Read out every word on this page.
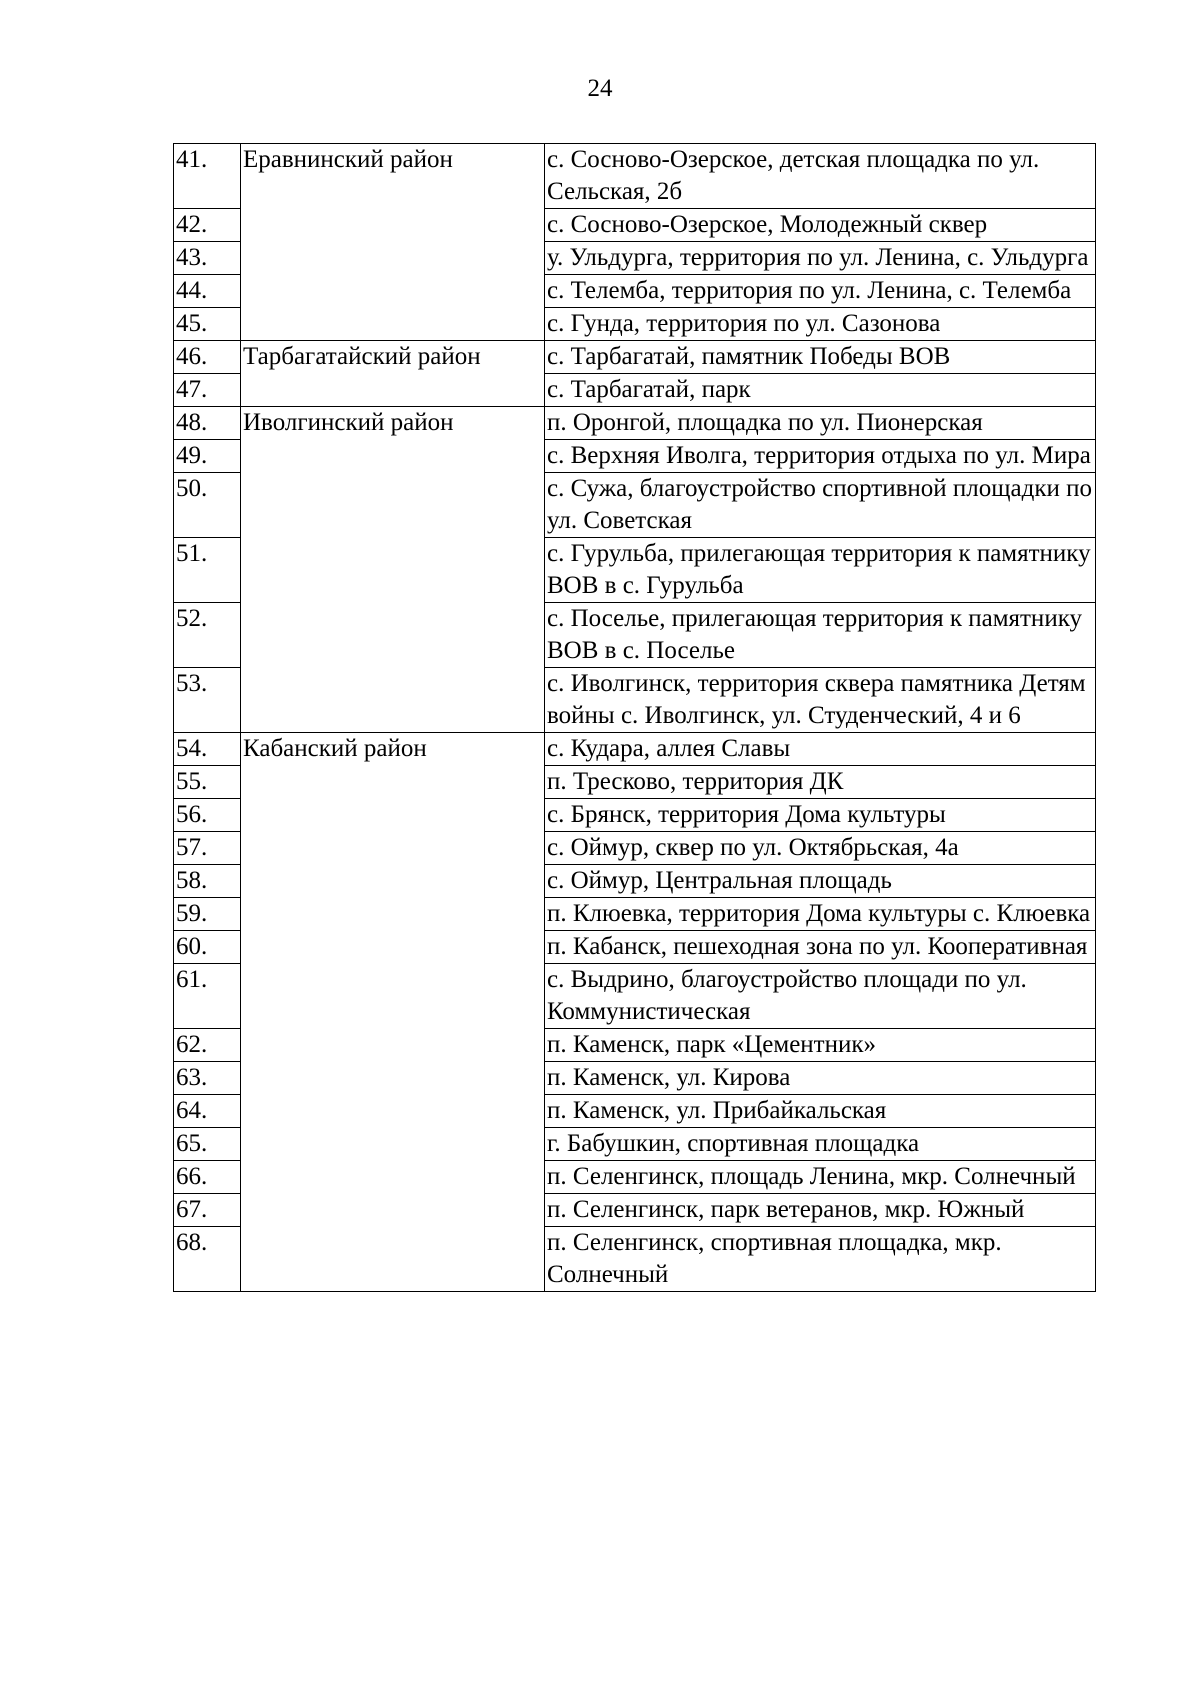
24
41.	Еравнинский район	с. Сосново-Озерское, детская площадка по ул. Сельская, 2б
42.		с. Сосново-Озерское, Молодежный сквер
43.		у. Ульдурга, территория по ул. Ленина, с. Ульдурга
44.		с. Телемба, территория по ул. Ленина, с. Телемба
45.		с. Гунда, территория по ул. Сазонова
46.	Тарбагатайский район	с. Тарбагатай, памятник Победы ВОВ
47.		с. Тарбагатай, парк
48.	Иволгинский район	п. Оронгой, площадка по ул. Пионерская
49.		с. Верхняя Иволга, территория отдыха по ул. Мира
50.		с. Сужа, благоустройство спортивной площадки по ул. Советская
51.		с. Гурульба, прилегающая территория к памятнику ВОВ в с. Гурульба
52.		с. Поселье, прилегающая территория к памятнику ВОВ в с. Поселье
53.		с. Иволгинск, территория сквера памятника Детям войны с. Иволгинск, ул. Студенческий, 4 и 6
54.	Кабанский район	с. Кудара, аллея Славы
55.		п. Тресково, территория ДК
56.		с. Брянск, территория Дома культуры
57.		с. Оймур, сквер по ул. Октябрьская, 4а
58.		с. Оймур, Центральная площадь
59.		п. Клюевка, территория Дома культуры с. Клюевка
60.		п. Кабанск, пешеходная зона по ул. Кооперативная
61.		с. Выдрино, благоустройство площади по ул. Коммунистическая
62.		п. Каменск, парк «Цементник»
63.		п. Каменск, ул. Кирова
64.		п. Каменск, ул. Прибайкальская
65.		г. Бабушкин, спортивная площадка
66.		п. Селенгинск, площадь Ленина, мкр. Солнечный
67.		п. Селенгинск, парк ветеранов, мкр. Южный
68.		п. Селенгинск, спортивная площадка, мкр. Солнечный
